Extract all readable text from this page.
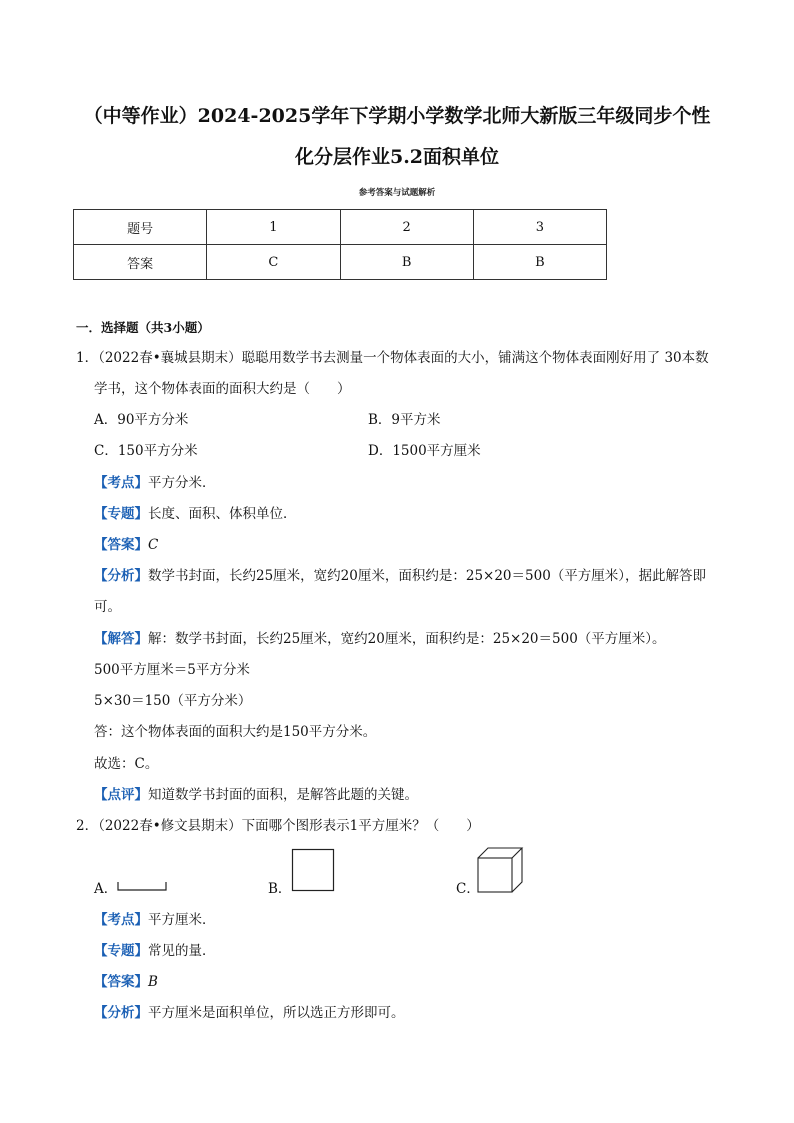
（中等作业）2024-2025学年下学期小学数学北师大新版三年级同步个性
化分层作业5.2面积单位
参考答案与试题解析
题号	1	2	3
答案	C	B	B
一．选择题（共3小题）
1．（2022春•襄城县期末）聪聪用数学书去测量一个物体表面的大小，铺满这个物体表面刚好用了 30本数
学书，这个物体表面的面积大约是（　　）
A．90平方分米	B．9平方米
C．150平方分米	D．1500平方厘米
【考点】平方分米．
【专题】长度、面积、体积单位．
【答案】C
【分析】数学书封面，长约25厘米，宽约20厘米，面积约是：25×20＝500（平方厘米），据此解答即
可。
【解答】解：数学书封面，长约25厘米，宽约20厘米，面积约是：25×20＝500（平方厘米）。
500平方厘米＝5平方分米
5×30＝150（平方分米）
答：这个物体表面的面积大约是150平方分米。
故选：C。
【点评】知道数学书封面的面积，是解答此题的关键。
2．（2022春•修文县期末）下面哪个图形表示1平方厘米？（　　）
A．	B．	C．
【考点】平方厘米．
【专题】常见的量．
【答案】B
【分析】平方厘米是面积单位，所以选正方形即可。
